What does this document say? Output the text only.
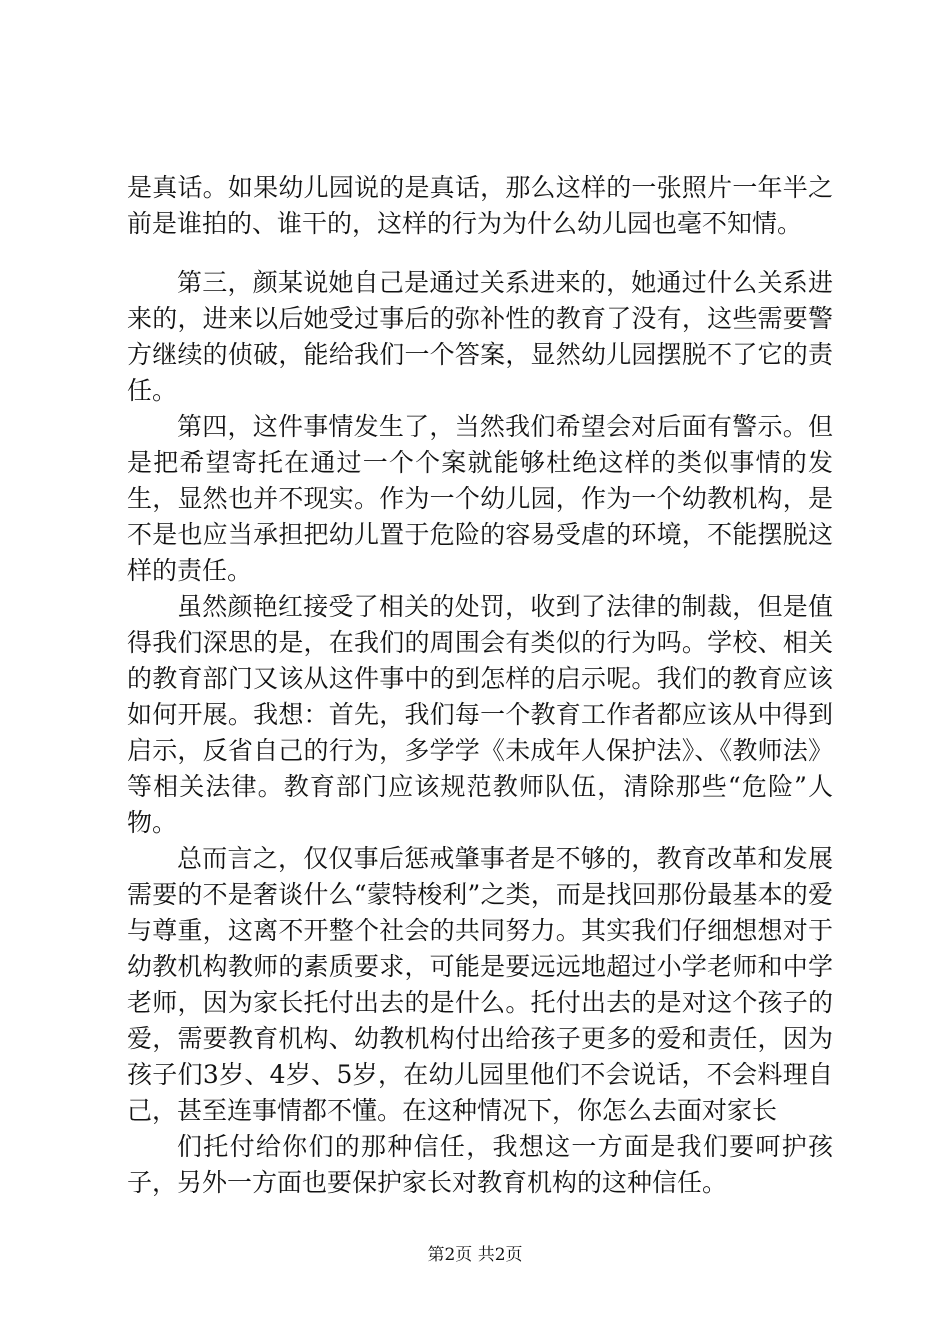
是真话。如果幼儿园说的是真话，那么这样的一张照片一年半之前是谁拍的、谁干的，这样的行为为什么幼儿园也毫不知情。

第三，颜某说她自己是通过关系进来的，她通过什么关系进来的，进来以后她受过事后的弥补性的教育了没有，这些需要警方继续的侦破，能给我们一个答案，显然幼儿园摆脱不了它的责任。

第四，这件事情发生了，当然我们希望会对后面有警示。但是把希望寄托在通过一个个案就能够杜绝这样的类似事情的发生，显然也并不现实。作为一个幼儿园，作为一个幼教机构，是不是也应当承担把幼儿置于危险的容易受虐的环境，不能摆脱这样的责任。

虽然颜艳红接受了相关的处罚，收到了法律的制裁，但是值得我们深思的是，在我们的周围会有类似的行为吗。学校、相关的教育部门又该从这件事中的到怎样的启示呢。我们的教育应该如何开展。我想：首先，我们每一个教育工作者都应该从中得到启示，反省自己的行为，多学学《未成年人保护法》、《教师法》等相关法律。教育部门应该规范教师队伍，清除那些“危险”人物。

总而言之，仅仅事后惩戒肇事者是不够的，教育改革和发展需要的不是奢谈什么“蒙特梭利”之类，而是找回那份最基本的爱与尊重，这离不开整个社会的共同努力。其实我们仔细想想对于幼教机构教师的素质要求，可能是要远远地超过小学老师和中学老师，因为家长托付出去的是什么。托付出去的是对这个孩子的爱，需要教育机构、幼教机构付出给孩子更多的爱和责任，因为孩子们3岁、4岁、5岁，在幼儿园里他们不会说话，不会料理自己，甚至连事情都不懂。在这种情况下，你怎么去面对家长

们托付给你们的那种信任，我想这一方面是我们要呵护孩子，另外一方面也要保护家长对教育机构的这种信任。

第2页 共2页
